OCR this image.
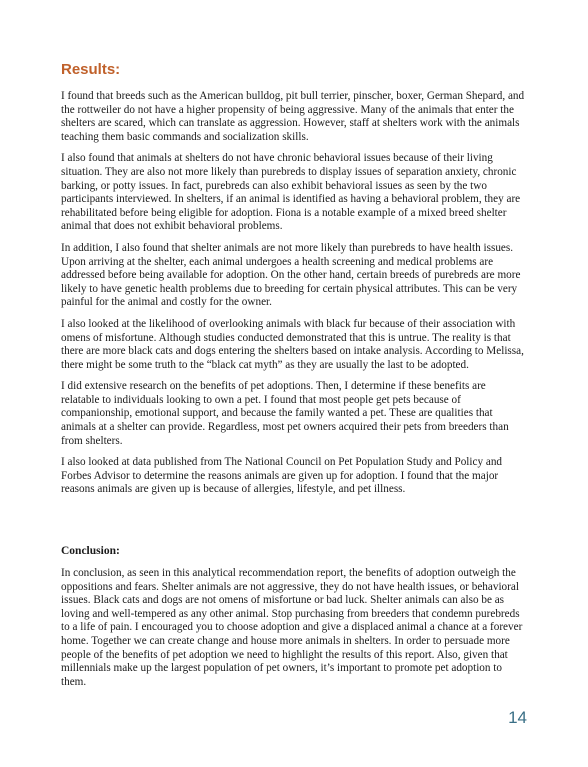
Results:

I found that breeds such as the American bulldog, pit bull terrier, pinscher, boxer, German Shepard, and the rottweiler do not have a higher propensity of being aggressive. Many of the animals that enter the shelters are scared, which can translate as aggression. However, staff at shelters work with the animals teaching them basic commands and socialization skills.

I also found that animals at shelters do not have chronic behavioral issues because of their living situation. They are also not more likely than purebreds to display issues of separation anxiety, chronic barking, or potty issues. In fact, purebreds can also exhibit behavioral issues as seen by the two participants interviewed. In shelters, if an animal is identified as having a behavioral problem, they are rehabilitated before being eligible for adoption. Fiona is a notable example of a mixed breed shelter animal that does not exhibit behavioral problems.

In addition, I also found that shelter animals are not more likely than purebreds to have health issues. Upon arriving at the shelter, each animal undergoes a health screening and medical problems are addressed before being available for adoption. On the other hand, certain breeds of purebreds are more likely to have genetic health problems due to breeding for certain physical attributes. This can be very painful for the animal and costly for the owner.

I also looked at the likelihood of overlooking animals with black fur because of their association with omens of misfortune. Although studies conducted demonstrated that this is untrue. The reality is that there are more black cats and dogs entering the shelters based on intake analysis. According to Melissa, there might be some truth to the “black cat myth” as they are usually the last to be adopted.

I did extensive research on the benefits of pet adoptions. Then, I determine if these benefits are relatable to individuals looking to own a pet. I found that most people get pets because of companionship, emotional support, and because the family wanted a pet. These are qualities that animals at a shelter can provide. Regardless, most pet owners acquired their pets from breeders than from shelters.

I also looked at data published from The National Council on Pet Population Study and Policy and Forbes Advisor to determine the reasons animals are given up for adoption. I found that the major reasons animals are given up is because of allergies, lifestyle, and pet illness.

Conclusion:

In conclusion, as seen in this analytical recommendation report, the benefits of adoption outweigh the oppositions and fears. Shelter animals are not aggressive, they do not have health issues, or behavioral issues. Black cats and dogs are not omens of misfortune or bad luck. Shelter animals can also be as loving and well-tempered as any other animal. Stop purchasing from breeders that condemn purebreds to a life of pain. I encouraged you to choose adoption and give a displaced animal a chance at a forever home. Together we can create change and house more animals in shelters. In order to persuade more people of the benefits of pet adoption we need to highlight the results of this report. Also, given that millennials make up the largest population of pet owners, it’s important to promote pet adoption to them.

14
